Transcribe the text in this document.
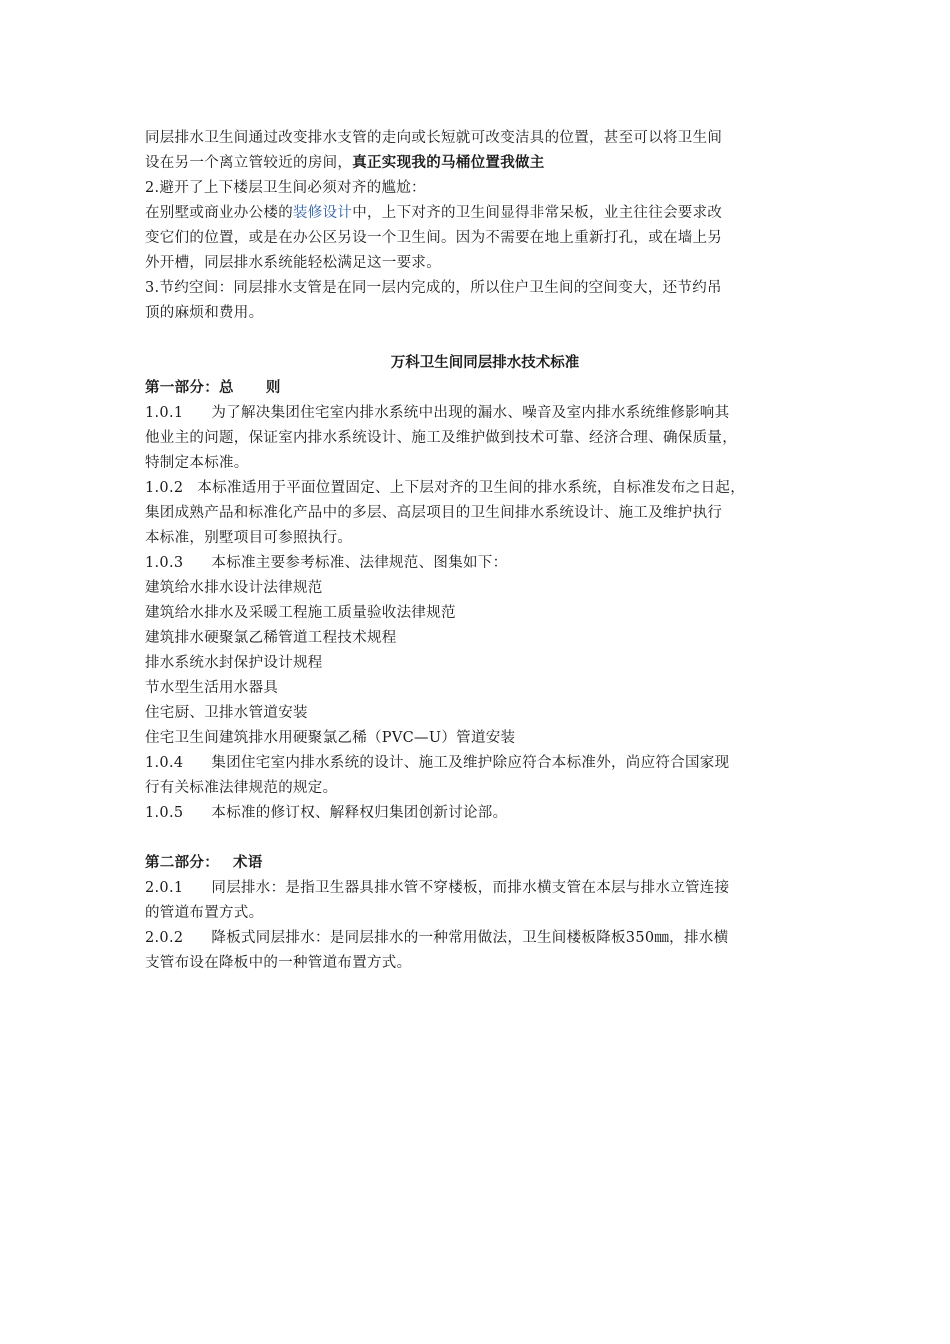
同层排水卫生间通过改变排水支管的走向或长短就可改变洁具的位置，甚至可以将卫生间
设在另一个离立管较近的房间，真正实现我的马桶位置我做主
2.避开了上下楼层卫生间必须对齐的尴尬：
在别墅或商业办公楼的装修设计中，上下对齐的卫生间显得非常呆板，业主往往会要求改
变它们的位置，或是在办公区另设一个卫生间。因为不需要在地上重新打孔，或在墙上另
外开槽，同层排水系统能轻松满足这一要求。
3.节约空间：同层排水支管是在同一层内完成的，所以住户卫生间的空间变大，还节约吊
顶的麻烦和费用。
万科卫生间同层排水技术标准
第一部分：总 则
1.0.1 为了解决集团住宅室内排水系统中出现的漏水、噪音及室内排水系统维修影响其
他业主的问题，保证室内排水系统设计、施工及维护做到技术可靠、经济合理、确保质量，
特制定本标准。
1.0.2 本标准适用于平面位置固定、上下层对齐的卫生间的排水系统，自标准发布之日起，
集团成熟产品和标准化产品中的多层、高层项目的卫生间排水系统设计、施工及维护执行
本标准，别墅项目可参照执行。
1.0.3 本标准主要参考标准、法律规范、图集如下：
建筑给水排水设计法律规范
建筑给水排水及采暖工程施工质量验收法律规范
建筑排水硬聚氯乙稀管道工程技术规程
排水系统水封保护设计规程
节水型生活用水器具
住宅厨、卫排水管道安装
住宅卫生间建筑排水用硬聚氯乙稀（PVC—U）管道安装
1.0.4 集团住宅室内排水系统的设计、施工及维护除应符合本标准外，尚应符合国家现
行有关标准法律规范的规定。
1.0.5 本标准的修订权、解释权归集团创新讨论部。
第二部分： 术语
2.0.1 同层排水：是指卫生器具排水管不穿楼板，而排水横支管在本层与排水立管连接
的管道布置方式。
2.0.2 降板式同层排水：是同层排水的一种常用做法，卫生间楼板降板350㎜，排水横
支管布设在降板中的一种管道布置方式。
